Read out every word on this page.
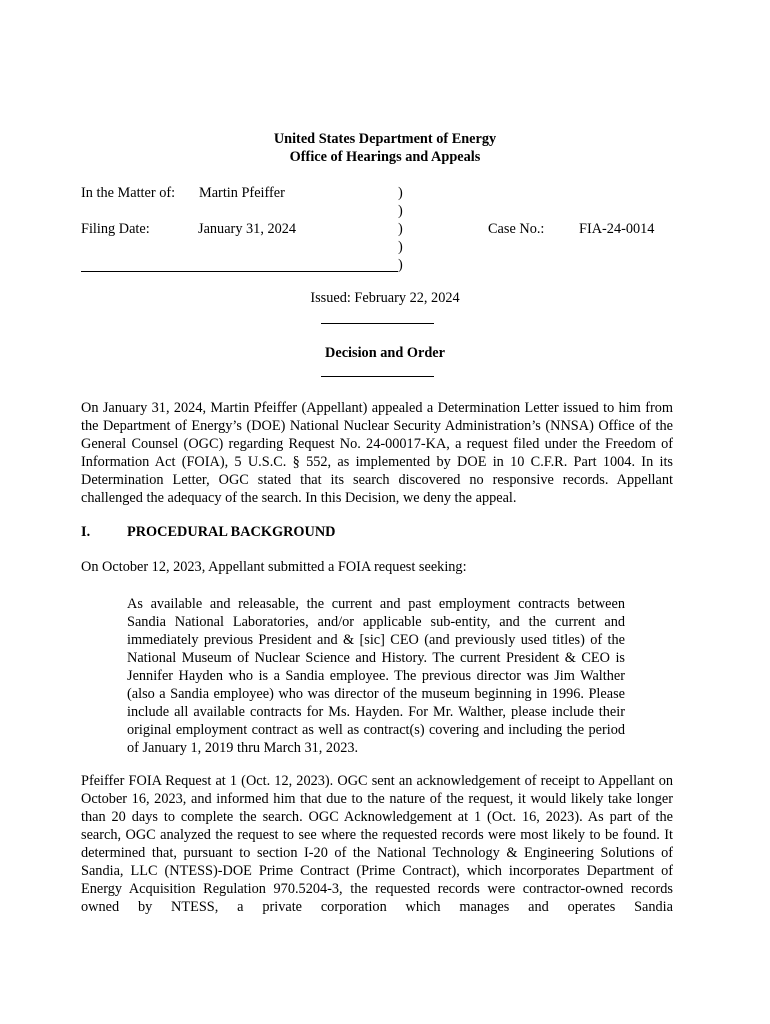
United States Department of Energy
Office of Hearings and Appeals
In the Matter of: Martin Pfeiffer
Filing Date:	January 31, 2024	Case No.: FIA-24-0014
)
)
)
)
)
Issued: February 22, 2024
Decision and Order
On January 31, 2024, Martin Pfeiffer (Appellant) appealed a Determination Letter issued to him from the Department of Energy’s (DOE) National Nuclear Security Administration’s (NNSA) Office of the General Counsel (OGC) regarding Request No. 24-00017-KA, a request filed under the Freedom of Information Act (FOIA), 5 U.S.C. § 552, as implemented by DOE in 10 C.F.R. Part 1004. In its Determination Letter, OGC stated that its search discovered no responsive records. Appellant challenged the adequacy of the search. In this Decision, we deny the appeal.
I.	PROCEDURAL BACKGROUND
On October 12, 2023, Appellant submitted a FOIA request seeking:
As available and releasable, the current and past employment contracts between Sandia National Laboratories, and/or applicable sub-entity, and the current and immediately previous President and & [sic] CEO (and previously used titles) of the National Museum of Nuclear Science and History. The current President & CEO is Jennifer Hayden who is a Sandia employee. The previous director was Jim Walther (also a Sandia employee) who was director of the museum beginning in 1996. Please include all available contracts for Ms. Hayden. For Mr. Walther, please include their original employment contract as well as contract(s) covering and including the period of January 1, 2019 thru March 31, 2023.
Pfeiffer FOIA Request at 1 (Oct. 12, 2023). OGC sent an acknowledgement of receipt to Appellant on October 16, 2023, and informed him that due to the nature of the request, it would likely take longer than 20 days to complete the search. OGC Acknowledgement at 1 (Oct. 16, 2023). As part of the search, OGC analyzed the request to see where the requested records were most likely to be found. It determined that, pursuant to section I-20 of the National Technology & Engineering Solutions of Sandia, LLC (NTESS)-DOE Prime Contract (Prime Contract), which incorporates Department of Energy Acquisition Regulation 970.5204-3, the requested records were contractor-owned records owned by NTESS, a private corporation which manages and operates Sandia
